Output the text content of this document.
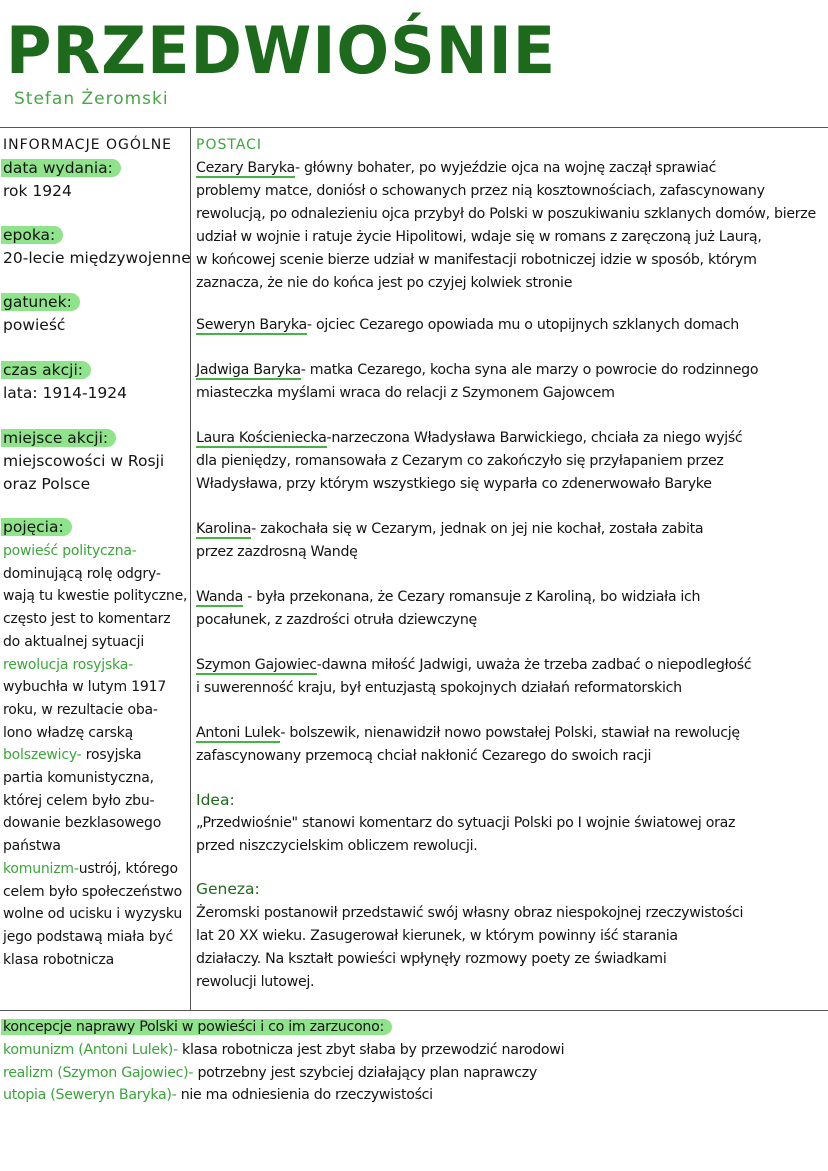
PRZEDWIOŚNIE
Stefan Żeromski
INFORMACJE OGÓLNE
data wydania:
rok 1924
epoka:
20-lecie międzywojenne
gatunek:
powieść
czas akcji:
lata: 1914-1924
miejsce akcji:
miejscowości w Rosji
oraz Polsce
pojęcia:
powieść polityczna-
dominującą rolę odgry-
wają tu kwestie polityczne,
często jest to komentarz
do aktualnej sytuacji
rewolucja rosyjska-
wybuchła w lutym 1917
roku, w rezultacie oba-
lono władzę carską
bolszewicy- rosyjska
partia komunistyczna,
której celem było zbu-
dowanie bezklasowego
państwa
komunizm-ustrój, którego
celem było społeczeństwo
wolne od ucisku i wyzysku
jego podstawą miała być
klasa robotnicza
POSTACI
Cezary Baryka- główny bohater, po wyjeździe ojca na wojnę zaczął sprawiać
problemy matce, doniósł o schowanych przez nią kosztownościach, zafascynowany
rewolucją, po odnalezieniu ojca przybył do Polski w poszukiwaniu szklanych domów, bierze
udział w wojnie i ratuje życie Hipolitowi, wdaje się w romans z zaręczoną już Laurą,
w końcowej scenie bierze udział w manifestacji robotniczej idzie w sposób, którym
zaznacza, że nie do końca jest po czyjej kolwiek stronie
Seweryn Baryka- ojciec Cezarego opowiada mu o utopijnych szklanych domach
Jadwiga Baryka- matka Cezarego, kocha syna ale marzy o powrocie do rodzinnego
miasteczka myślami wraca do relacji z Szymonem Gajowcem
Laura Kościeniecka-narzeczona Władysława Barwickiego, chciała za niego wyjść
dla pieniędzy, romansowała z Cezarym co zakończyło się przyłapaniem przez
Władysława, przy którym wszystkiego się wyparła co zdenerwowało Baryke
Karolina- zakochała się w Cezarym, jednak on jej nie kochał, została zabita
przez zazdrosną Wandę
Wanda - była przekonana, że Cezary romansuje z Karoliną, bo widziała ich
pocałunek, z zazdrości otruła dziewczynę
Szymon Gajowiec-dawna miłość Jadwigi, uważa że trzeba zadbać o niepodległość
i suwerenność kraju, był entuzjastą spokojnych działań reformatorskich
Antoni Lulek- bolszewik, nienawidził nowo powstałej Polski, stawiał na rewolucję
zafascynowany przemocą chciał nakłonić Cezarego do swoich racji
Idea:
„Przedwiośnie" stanowi komentarz do sytuacji Polski po I wojnie światowej oraz
przed niszczycielskim obliczem rewolucji.
Geneza:
Żeromski postanowił przedstawić swój własny obraz niespokojnej rzeczywistości
lat 20 XX wieku. Zasugerował kierunek, w którym powinny iść starania
działaczy. Na kształt powieści wpłynęły rozmowy poety ze świadkami
rewolucji lutowej.
koncepcje naprawy Polski w powieści i co im zarzucono:
komunizm (Antoni Lulek)- klasa robotnicza jest zbyt słaba by przewodzić narodowi
realizm (Szymon Gajowiec)- potrzebny jest szybciej działający plan naprawczy
utopia (Seweryn Baryka)- nie ma odniesienia do rzeczywistości
